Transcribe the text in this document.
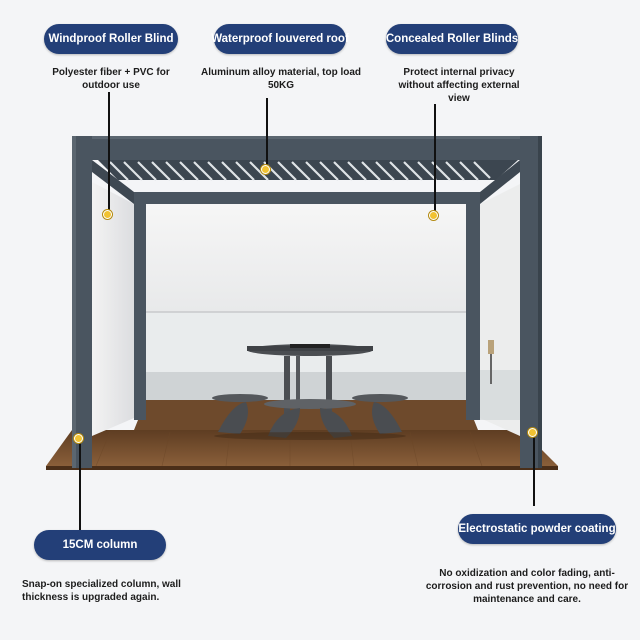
Windproof Roller Blind
Polyester fiber + PVC for
outdoor use
Waterproof louvered roof
Aluminum alloy material, top load 50KG
Concealed Roller Blinds
Protect internal privacy
without affecting external
view
15CM column
Snap-on specialized column, wall
thickness is upgraded again.
Electrostatic powder coating
No oxidization and color fading, anti-
corrosion and rust prevention, no need for
maintenance and care.
